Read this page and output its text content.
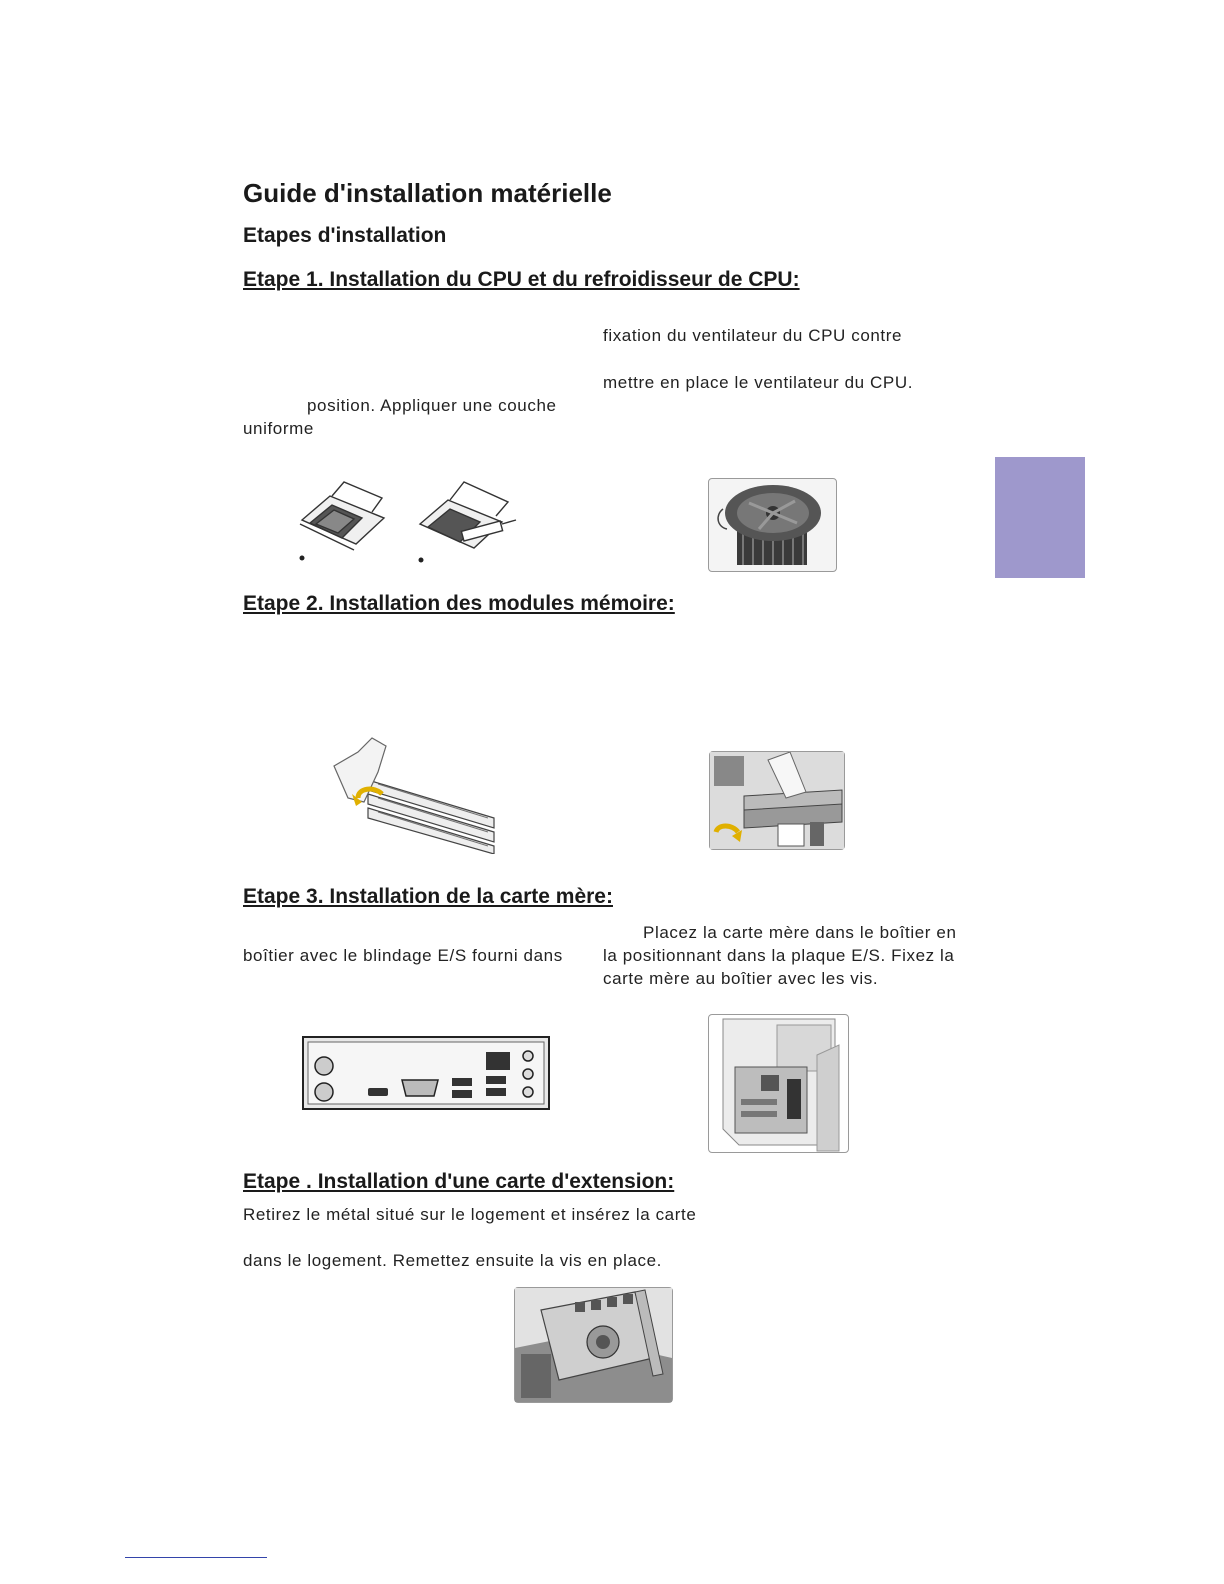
Guide d'installation matérielle
Etapes d'installation
Etape 1. Installation du CPU et du refroidisseur de CPU:

fixation du ventilateur du CPU contre

mettre en place le ventilateur du CPU.

position. Appliquer une couche

uniforme

Etape 2. Installation des modules mémoire:
Etape 3. Installation de la carte mère:

Placez la carte mère dans le boîtier en

boîtier avec le blindage E/S fourni dans la positionnant dans la plaque E/S. Fixez la

carte mère au boîtier avec les vis.

Etape . Installation d'une carte d'extension:

Retirez le métal situé sur le logement et insérez la carte

dans le logement. Remettez ensuite la vis en place.
